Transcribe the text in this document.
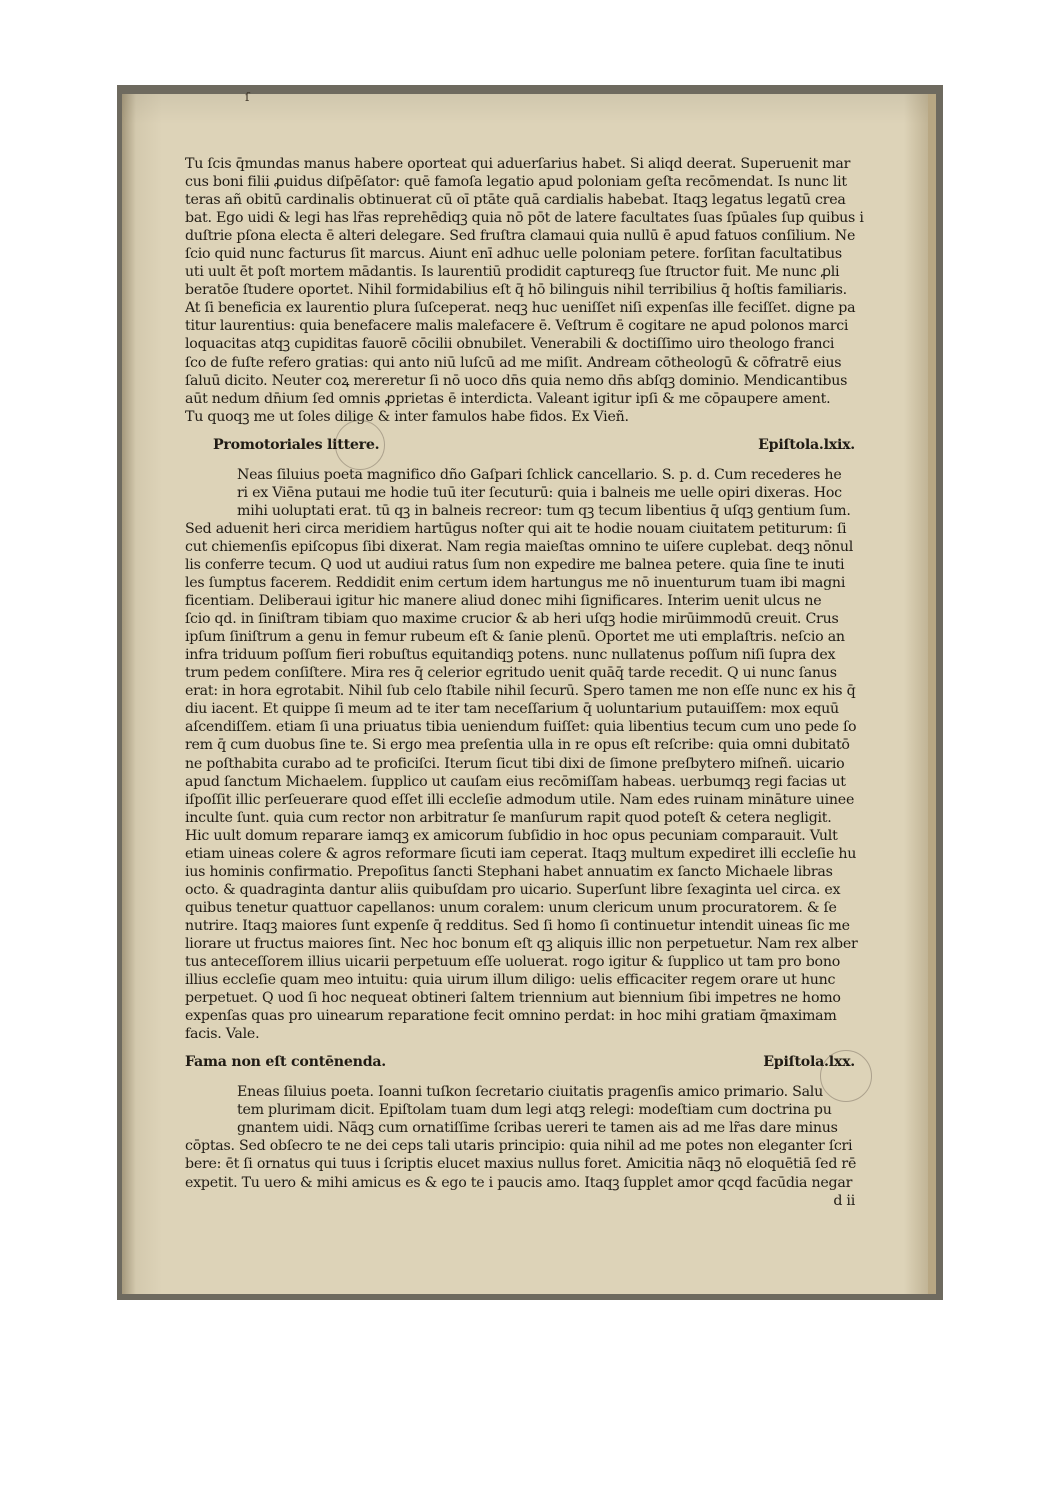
ſ
Tu ſcis q̄mundas manus habere oporteat qui aduerſarius habet. Si aliqd deerat. Superuenit mar
cus boni filii ꝓuidus diſpēſator: quē famoſa legatio apud poloniam geſta recōmendat. Is nunc lit
teras añ obitū cardinalis obtinuerat cū oī ptāte quā cardialis habebat. Itaqꝫ legatus legatū crea
bat. Ego uidi & legi has lr̃as reprehēdiqꝫ quia nō pōt de latere facultates ſuas ſpūales ſup quibus i
duſtrie pſona electa ē alteri delegare. Sed fruſtra clamaui quia nullū ē apud fatuos conſilium. Ne
ſcio quid nunc facturus ſit marcus. Aiunt enī adhuc uelle poloniam petere. forſitan facultatibus
uti uult ēt poſt mortem mādantis. Is laurentiū prodidit captureqꝫ ſue ſtructor fuit. Me nunc ꝓli
beratōe ſtudere oportet. Nihil formidabilius eſt q̄ hō bilinguis nihil terribilius q̄ hoſtis familiaris.
At ſi beneficia ex laurentio plura ſuſceperat. neqꝫ huc ueniſſet niſi expenſas ille feciſſet. digne pa
titur laurentius: quia benefacere malis malefacere ē. Veſtrum ē cogitare ne apud polonos marci
loquacitas atqꝫ cupiditas fauorē cōcilii obnubilet. Venerabili & doctiſſimo uiro theologo franci
ſco de fuſte refero gratias: qui anto niū luſcū ad me miſit. Andream cōtheologū & cōfratrē eius
ſaluū dicito. Neuter coꝝ mereretur ſi nō uoco dn̄s quia nemo dn̄s abſqꝫ dominio. Mendicantibus
aūt nedum dn̄ium ſed omnis ꝓprietas ē interdicta. Valeant igitur ipſi & me cōpaupere ament.
Tu quoqꝫ me ut ſoles dilige & inter famulos habe fidos. Ex Vieñ.
Promotoriales littere.	Epiſtola.lxix.
Neas ſiluius poeta magnifico dño Gaſpari ſchlick cancellario. S. p. d. Cum recederes he
ri ex Viēna putaui me hodie tuū iter ſecuturū: quia i balneis me uelle opiri dixeras. Hoc
mihi uoluptati erat. tū qꝫ in balneis recreor: tum qꝫ tecum libentius q̄ uſqꝫ gentium ſum.
Sed aduenit heri circa meridiem hartūgus noſter qui ait te hodie nouam ciuitatem petiturum: ſi
cut chiemenſis epiſcopus ſibi dixerat. Nam regia maieſtas omnino te uiſere cuplebat. deqꝫ nōnul
lis conferre tecum. Q uod ut audiui ratus ſum non expedire me balnea petere. quia ſine te inuti
les ſumptus facerem. Reddidit enim certum idem hartungus me nō inuenturum tuam ibi magni
ficentiam. Deliberaui igitur hic manere aliud donec mihi ſignificares. Interim uenit ulcus ne
ſcio qd. in ſiniſtram tibiam quo maxime crucior & ab heri uſqꝫ hodie mirūimmodū creuit. Crus
ipſum ſiniſtrum a genu in femur rubeum eſt & ſanie plenū. Oportet me uti emplaſtris. neſcio an
infra triduum poſſum fieri robuſtus equitandiqꝫ potens. nunc nullatenus poſſum niſi ſupra dex
trum pedem conſiſtere. Mira res q̄ celerior egritudo uenit quāq̄ tarde recedit. Q ui nunc ſanus
erat: in hora egrotabit. Nihil ſub celo ſtabile nihil ſecurū. Spero tamen me non eſſe nunc ex his q̄
diu iacent. Et quippe ſi meum ad te iter tam neceſſarium q̄ uoluntarium putauiſſem: mox equū
aſcendiſſem. etiam ſi una priuatus tibia ueniendum fuiſſet: quia libentius tecum cum uno pede ſo
rem q̄ cum duobus ſine te. Si ergo mea preſentia ulla in re opus eſt reſcribe: quia omni dubitatō
ne poſthabita curabo ad te proficiſci. Iterum ſicut tibi dixi de ſimone preſbytero miſneñ. uicario
apud ſanctum Michaelem. ſupplico ut cauſam eius recōmiſſam habeas. uerbumqꝫ regi facias ut
iſpoſſit illic perſeuerare quod eſſet illi eccleſie admodum utile. Nam edes ruinam mināture uinee
inculte ſunt. quia cum rector non arbitratur ſe manſurum rapit quod poteſt & cetera negligit.
Hic uult domum reparare iamqꝫ ex amicorum ſubſidio in hoc opus pecuniam comparauit. Vult
etiam uineas colere & agros reformare ſicuti iam ceperat. Itaqꝫ multum expediret illi eccleſie hu
ius hominis confirmatio. Prepoſitus ſancti Stephani habet annuatim ex ſancto Michaele libras
octo. & quadraginta dantur aliis quibuſdam pro uicario. Superſunt libre ſexaginta uel circa. ex
quibus tenetur quattuor capellanos: unum coralem: unum clericum unum procuratorem. & ſe
nutrire. Itaqꝫ maiores ſunt expenſe q̄ redditus. Sed ſi homo ſi continuetur intendit uineas ſic me
liorare ut fructus maiores ſint. Nec hoc bonum eſt qꝫ aliquis illic non perpetuetur. Nam rex alber
tus anteceſſorem illius uicarii perpetuum eſſe uoluerat. rogo igitur & ſupplico ut tam pro bono
illius eccleſie quam meo intuitu: quia uirum illum diligo: uelis efficaciter regem orare ut hunc
perpetuet. Q uod ſi hoc nequeat obtineri ſaltem triennium aut biennium ſibi impetres ne homo
expenſas quas pro uinearum reparatione fecit omnino perdat: in hoc mihi gratiam q̄maximam
facis. Vale.
Fama non eſt contēnenda.	Epiſtola.lxx.
Eneas ſiluius poeta. Ioanni tuſkon ſecretario ciuitatis pragenſis amico primario. Salu
tem plurimam dicit. Epiſtolam tuam dum legi atqꝫ relegi: modeſtiam cum doctrina pu
gnantem uidi. Nāqꝫ cum ornatiſſime ſcribas uereri te tamen ais ad me lr̃as dare minus
cōptas. Sed obſecro te ne dei ceps tali utaris principio: quia nihil ad me potes non eleganter ſcri
bere: ēt ſi ornatus qui tuus i ſcriptis elucet maxius nullus foret. Amicitia nāqꝫ nō eloquētiā ſed rē
expetit. Tu uero & mihi amicus es & ego te i paucis amo. Itaqꝫ ſupplet amor qcqd facūdia negar
d ii
